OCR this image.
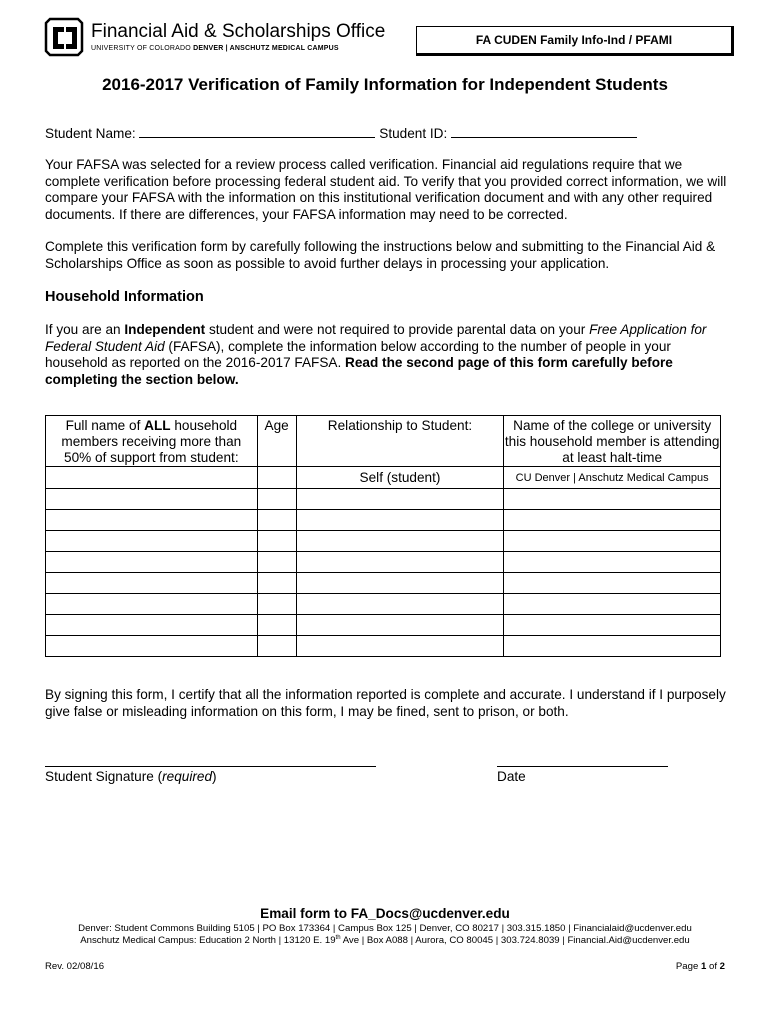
Financial Aid & Scholarships Office
UNIVERSITY OF COLORADO DENVER | ANSCHUTZ MEDICAL CAMPUS
FA CUDEN Family Info-Ind / PFAMI
2016-2017 Verification of Family Information for Independent Students
Student Name:	Student ID:
Your FAFSA was selected for a review process called verification. Financial aid regulations require that we complete verification before processing federal student aid. To verify that you provided correct information, we will compare your FAFSA with the information on this institutional verification document and with any other required documents. If there are differences, your FAFSA information may need to be corrected.
Complete this verification form by carefully following the instructions below and submitting to the Financial Aid & Scholarships Office as soon as possible to avoid further delays in processing your application.
Household Information
If you are an Independent student and were not required to provide parental data on your Free Application for Federal Student Aid (FAFSA), complete the information below according to the number of people in your household as reported on the 2016-2017 FAFSA. Read the second page of this form carefully before completing the section below.
Full name of ALL household members receiving more than 50% of support from student:	Age	Relationship to Student:	Name of the college or university this household member is attending at least halt-time
		Self (student)	CU Denver | Anschutz Medical Campus

By signing this form, I certify that all the information reported is complete and accurate. I understand if I purposely give false or misleading information on this form, I may be fined, sent to prison, or both.
Student Signature (required)	Date
Email form to FA_Docs@ucdenver.edu
Denver: Student Commons Building 5105 | PO Box 173364 | Campus Box 125 | Denver, CO 80217 | 303.315.1850 | Financialaid@ucdenver.edu
Anschutz Medical Campus: Education 2 North | 13120 E. 19th Ave | Box A088 | Aurora, CO 80045 | 303.724.8039 | Financial.Aid@ucdenver.edu
Rev. 02/08/16	Page 1 of 2
